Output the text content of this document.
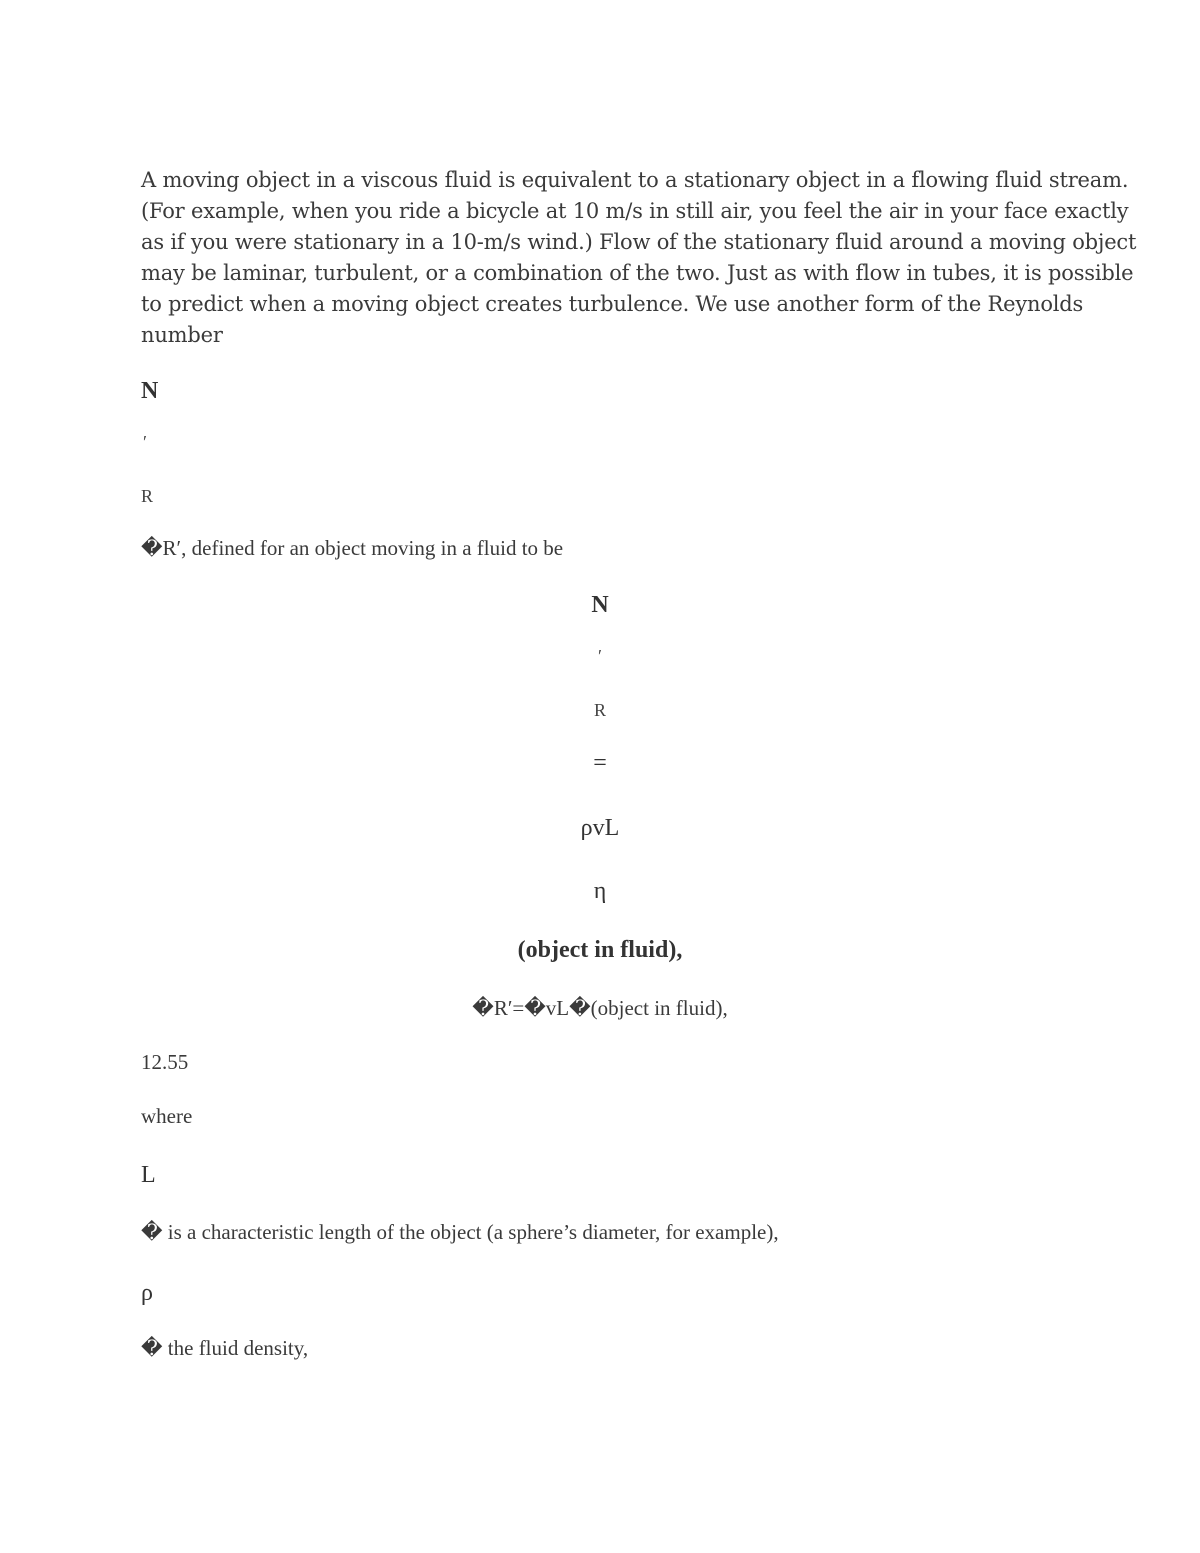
A moving object in a viscous fluid is equivalent to a stationary object in a flowing fluid stream.
(For example, when you ride a bicycle at 10 m/s in still air, you feel the air in your face exactly
as if you were stationary in a 10-m/s wind.) Flow of the stationary fluid around a moving object
may be laminar, turbulent, or a combination of the two. Just as with flow in tubes, it is possible
to predict when a moving object creates turbulence. We use another form of the Reynolds
number
N
′
R
�R′, defined for an object moving in a fluid to be
N
′
R
=
ρvL
η
(object in fluid),
�R′=�vL�(object in fluid),
12.55
where
L
� is a characteristic length of the object (a sphere’s diameter, for example),
ρ
� the fluid density,
